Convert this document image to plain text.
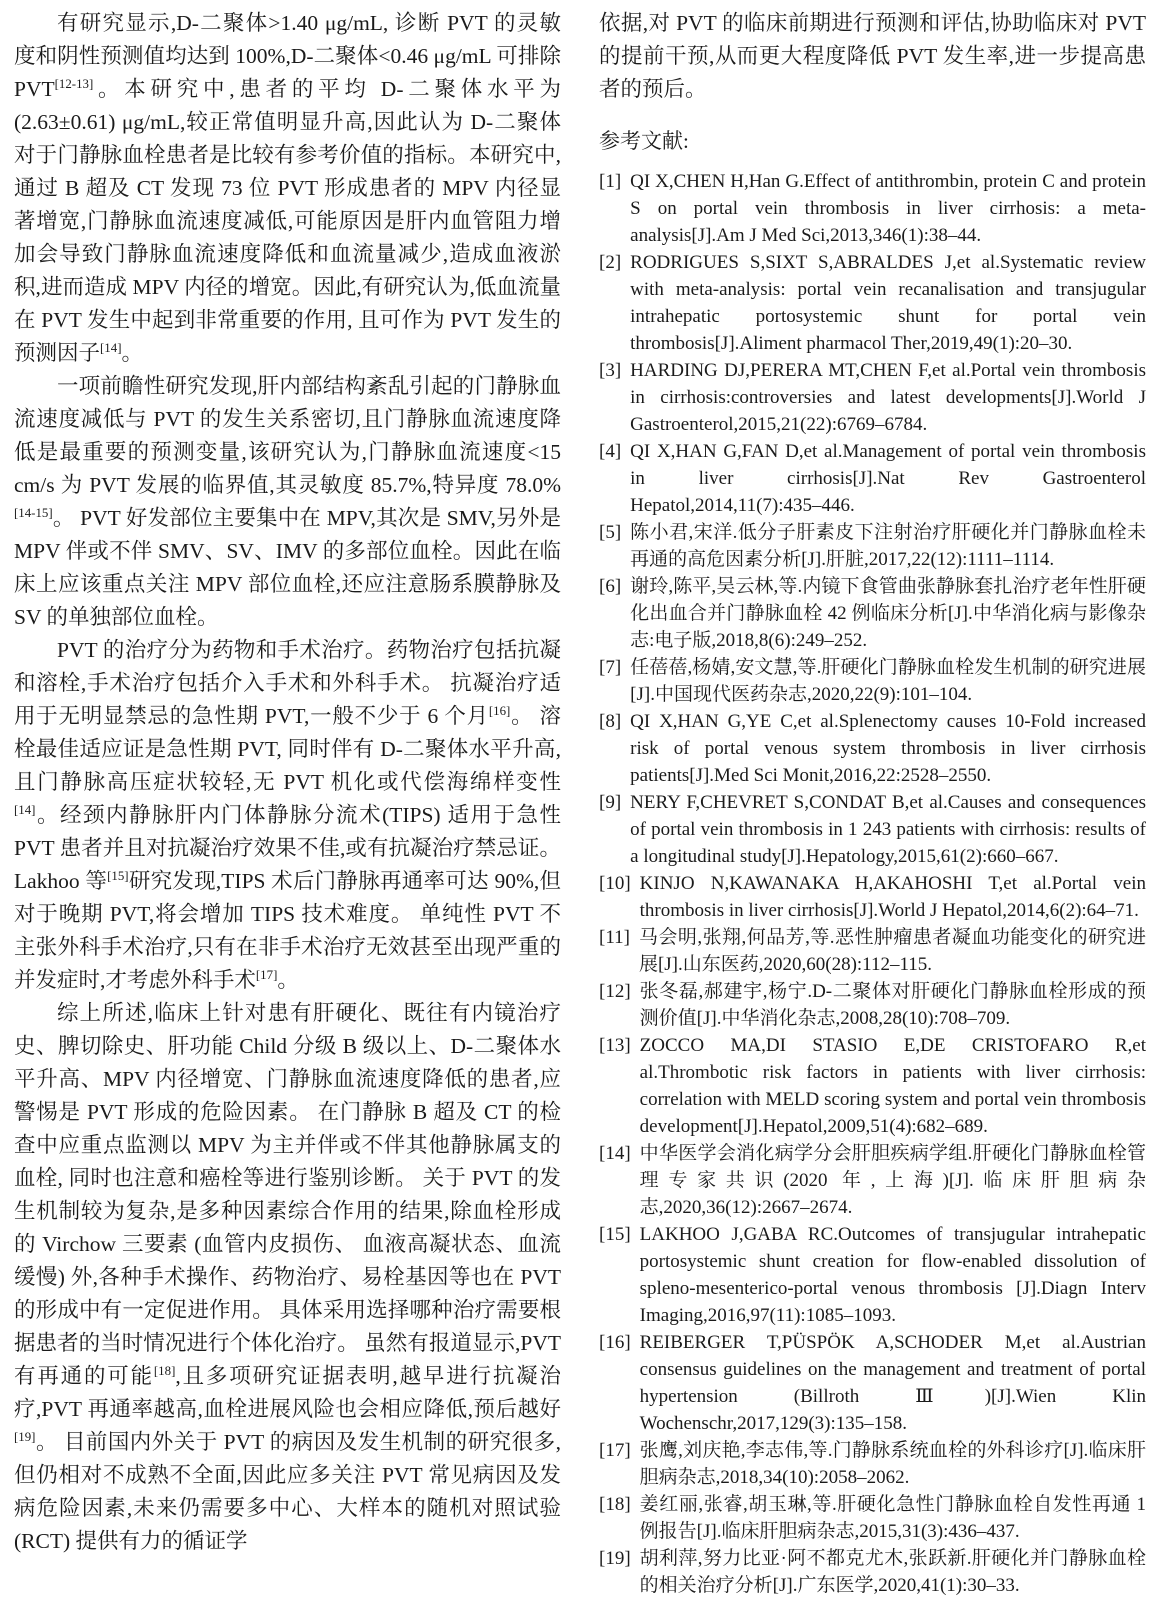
有研究显示,D-二聚体>1.40 μg/mL, 诊断 PVT 的灵敏度和阴性预测值均达到 100%,D-二聚体<0.46 μg/mL 可排除 PVT[12-13]。本研究中,患者的平均 D-二聚体水平为(2.63±0.61) μg/mL,较正常值明显升高,因此认为 D-二聚体对于门静脉血栓患者是比较有参考价值的指标。本研究中,通过 B 超及 CT 发现 73 位 PVT 形成患者的 MPV 内径显著增宽,门静脉血流速度减低,可能原因是肝内血管阻力增加会导致门静脉血流速度降低和血流量减少,造成血液淤积,进而造成 MPV 内径的增宽。因此,有研究认为,低血流量在 PVT 发生中起到非常重要的作用, 且可作为 PVT 发生的预测因子[14]。

一项前瞻性研究发现,肝内部结构紊乱引起的门静脉血流速度减低与 PVT 的发生关系密切,且门静脉血流速度降低是最重要的预测变量,该研究认为,门静脉血流速度<15 cm/s 为 PVT 发展的临界值,其灵敏度 85.7%,特异度 78.0%[14-15]。 PVT 好发部位主要集中在 MPV,其次是 SMV,另外是 MPV 伴或不伴 SMV、SV、IMV 的多部位血栓。因此在临床上应该重点关注 MPV 部位血栓,还应注意肠系膜静脉及 SV 的单独部位血栓。

PVT 的治疗分为药物和手术治疗。药物治疗包括抗凝和溶栓,手术治疗包括介入手术和外科手术。 抗凝治疗适用于无明显禁忌的急性期 PVT,一般不少于 6 个月[16]。 溶栓最佳适应证是急性期 PVT, 同时伴有 D-二聚体水平升高,且门静脉高压症状较轻,无 PVT 机化或代偿海绵样变性[14]。经颈内静脉肝内门体静脉分流术(TIPS) 适用于急性 PVT 患者并且对抗凝治疗效果不佳,或有抗凝治疗禁忌证。 Lakhoo 等[15]研究发现,TIPS 术后门静脉再通率可达 90%,但对于晚期 PVT,将会增加 TIPS 技术难度。 单纯性 PVT 不主张外科手术治疗,只有在非手术治疗无效甚至出现严重的并发症时,才考虑外科手术[17]。

综上所述,临床上针对患有肝硬化、既往有内镜治疗史、脾切除史、肝功能 Child 分级 B 级以上、D-二聚体水平升高、MPV 内径增宽、门静脉血流速度降低的患者,应警惕是 PVT 形成的危险因素。 在门静脉 B 超及 CT 的检查中应重点监测以 MPV 为主并伴或不伴其他静脉属支的血栓, 同时也注意和癌栓等进行鉴别诊断。 关于 PVT 的发生机制较为复杂,是多种因素综合作用的结果,除血栓形成的 Virchow 三要素 (血管内皮损伤、 血液高凝状态、血流缓慢) 外,各种手术操作、药物治疗、易栓基因等也在 PVT 的形成中有一定促进作用。 具体采用选择哪种治疗需要根据患者的当时情况进行个体化治疗。 虽然有报道显示,PVT 有再通的可能[18],且多项研究证据表明,越早进行抗凝治疗,PVT 再通率越高,血栓进展风险也会相应降低,预后越好[19]。 目前国内外关于 PVT 的病因及发生机制的研究很多,但仍相对不成熟不全面,因此应多关注 PVT 常见病因及发病危险因素,未来仍需要多中心、大样本的随机对照试验(RCT) 提供有力的循证学

依据,对 PVT 的临床前期进行预测和评估,协助临床对 PVT 的提前干预,从而更大程度降低 PVT 发生率,进一步提高患者的预后。

参考文献:

[1] QI X,CHEN H,Han G.Effect of antithrombin, protein C and protein S on portal vein thrombosis in liver cirrhosis: a meta-analysis[J].Am J Med Sci,2013,346(1):38–44.
[2] RODRIGUES S,SIXT S,ABRALDES J,et al.Systematic review with meta-analysis: portal vein recanalisation and transjugular intrahepatic portosystemic shunt for portal vein thrombosis[J].Aliment pharmacol Ther,2019,49(1):20–30.
[3] HARDING DJ,PERERA MT,CHEN F,et al.Portal vein thrombosis in cirrhosis:controversies and latest developments[J].World J Gastroenterol,2015,21(22):6769–6784.
[4] QI X,HAN G,FAN D,et al.Management of portal vein thrombosis in liver cirrhosis[J].Nat Rev Gastroenterol Hepatol,2014,11(7):435–446.
[5] 陈小君,宋洋.低分子肝素皮下注射治疗肝硬化并门静脉血栓未再通的高危因素分析[J].肝脏,2017,22(12):1111–1114.
[6] 谢玲,陈平,吴云林,等.内镜下食管曲张静脉套扎治疗老年性肝硬化出血合并门静脉血栓 42 例临床分析[J].中华消化病与影像杂志:电子版,2018,8(6):249–252.
[7] 任蓓蓓,杨婧,安文慧,等.肝硬化门静脉血栓发生机制的研究进展[J].中国现代医药杂志,2020,22(9):101–104.
[8] QI X,HAN G,YE C,et al.Splenectomy causes 10-Fold increased risk of portal venous system thrombosis in liver cirrhosis patients[J].Med Sci Monit,2016,22:2528–2550.
[9] NERY F,CHEVRET S,CONDAT B,et al.Causes and consequences of portal vein thrombosis in 1 243 patients with cirrhosis: results of a longitudinal study[J].Hepatology,2015,61(2):660–667.
[10] KINJO N,KAWANAKA H,AKAHOSHI T,et al.Portal vein thrombosis in liver cirrhosis[J].World J Hepatol,2014,6(2):64–71.
[11] 马会明,张翔,何品芳,等.恶性肿瘤患者凝血功能变化的研究进展[J].山东医药,2020,60(28):112–115.
[12] 张冬磊,郝建宇,杨宁.D-二聚体对肝硬化门静脉血栓形成的预测价值[J].中华消化杂志,2008,28(10):708–709.
[13] ZOCCO MA,DI STASIO E,DE CRISTOFARO R,et al.Thrombotic risk factors in patients with liver cirrhosis: correlation with MELD scoring system and portal vein thrombosis development[J].Hepatol,2009,51(4):682–689.
[14] 中华医学会消化病学分会肝胆疾病学组.肝硬化门静脉血栓管理专家共识(2020 年,上海)[J].临床肝胆病杂志,2020,36(12):2667–2674.
[15] LAKHOO J,GABA RC.Outcomes of transjugular intrahepatic portosystemic shunt creation for flow-enabled dissolution of spleno-mesenterico-portal venous thrombosis [J].Diagn Interv Imaging,2016,97(11):1085–1093.
[16] REIBERGER T,PÜSPÖK A,SCHODER M,et al.Austrian consensus guidelines on the management and treatment of portal hypertension (Billroth Ⅲ)[J].Wien Klin Wochenschr,2017,129(3):135–158.
[17] 张鹰,刘庆艳,李志伟,等.门静脉系统血栓的外科诊疗[J].临床肝胆病杂志,2018,34(10):2058–2062.
[18] 姜红丽,张睿,胡玉琳,等.肝硬化急性门静脉血栓自发性再通 1 例报告[J].临床肝胆病杂志,2015,31(3):436–437.
[19] 胡利萍,努力比亚·阿不都克尤木,张跃新.肝硬化并门静脉血栓的相关治疗分析[J].广东医学,2020,41(1):30–33.
